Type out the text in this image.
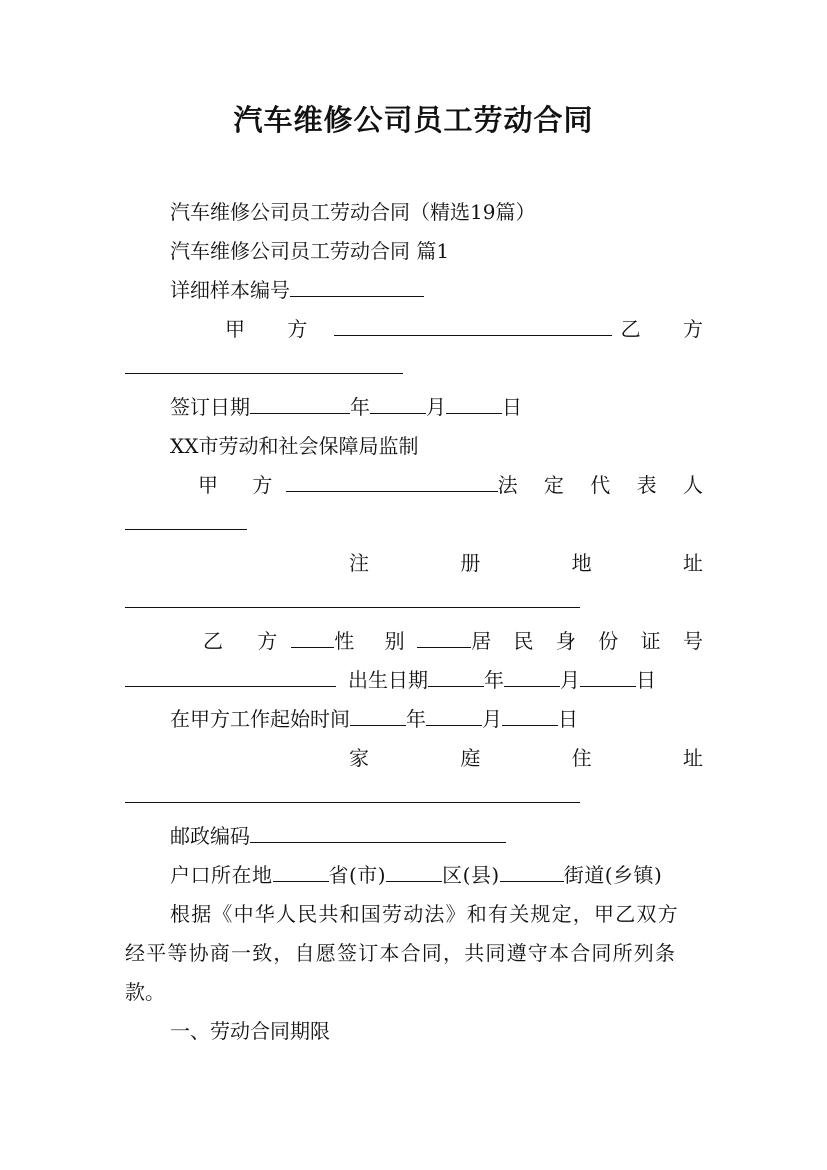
汽车维修公司员工劳动合同
汽车维修公司员工劳动合同（精选19篇）
汽车维修公司员工劳动合同 篇1
详细样本编号
甲 方	乙 方
签订日期	年	月	日
XX市劳动和社会保障局监制
甲 方	法 定 代 表 人
注	册	地	址
乙 方 性 别	居 民 身 份 证 号
出生日期	年	月	日
在甲方工作起始时间	年	月	日
家	庭	住	址
邮政编码
户口所在地	省(市)	区(县)	街道(乡镇)
根据《中华人民共和国劳动法》和有关规定，甲乙双方
经平等协商一致，自愿签订本合同，共同遵守本合同所列条
款。
一、劳动合同期限
